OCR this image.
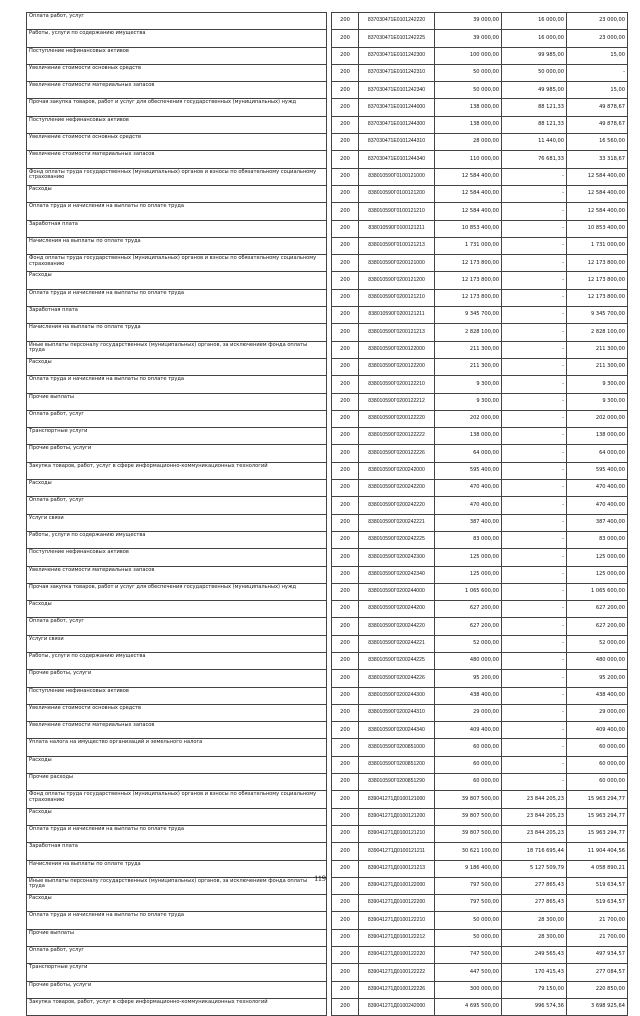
Оплата работ, услуг		200	837030471Е0101242220	39 000,00	16 000,00	23 000,00
Работы, услуги по содержанию имущества		200	837030471Е0101242225	39 000,00	16 000,00	23 000,00
Поступление нефинансовых активов		200	837030471Е0101242300	100 000,00	99 985,00	15,00
Увеличение стоимости основных средств		200	837030471Е0101242310	50 000,00	50 000,00	-
Увеличение стоимости материальных запасов		200	837030471Е0101242340	50 000,00	49 985,00	15,00
Прочая закупка товаров, работ и услуг для обеспечения государственных (муниципальных) нужд		200	837030471Е0101244000	138 000,00	88 121,33	49 878,67
Поступление нефинансовых активов		200	837030471Е0101244300	138 000,00	88 121,33	49 878,67
Увеличение стоимости основных средств		200	837030471Е0101244310	28 000,00	11 440,00	16 560,00
Увеличение стоимости материальных запасов		200	837030471Е0101244340	110 000,00	76 681,33	33 318,67
Фонд оплаты труда государственных (муниципальных) органов и взносы по обязательному социальному страхованию		200	838010590Г0100121000	12 584 400,00	-	12 584 400,00
Расходы		200	838010590Г0100121200	12 584 400,00	-	12 584 400,00
Оплата труда и начисления на выплаты по оплате труда		200	838010590Г0100121210	12 584 400,00	-	12 584 400,00
Заработная плата		200	838010590Г0100121211	10 853 400,00	-	10 853 400,00
Начисления на выплаты по оплате труда		200	838010590Г0100121213	1 731 000,00	-	1 731 000,00
Фонд оплаты труда государственных (муниципальных) органов и взносы по обязательному социальному страхованию		200	838010590Г0200121000	12 173 800,00	-	12 173 800,00
Расходы		200	838010590Г0200121200	12 173 800,00	-	12 173 800,00
Оплата труда и начисления на выплаты по оплате труда		200	838010590Г0200121210	12 173 800,00	-	12 173 800,00
Заработная плата		200	838010590Г0200121211	9 345 700,00	-	9 345 700,00
Начисления на выплаты по оплате труда		200	838010590Г0200121213	2 828 100,00	-	2 828 100,00
Иные выплаты персоналу государственных (муниципальных) органов, за исключением фонда оплаты труда		200	838010590Г0200122000	211 300,00	-	211 300,00
Расходы		200	838010590Г0200122200	211 300,00	-	211 300,00
Оплата труда и начисления на выплаты по оплате труда		200	838010590Г0200122210	9 300,00	-	9 300,00
Прочие выплаты		200	838010590Г0200122212	9 300,00	-	9 300,00
Оплата работ, услуг		200	838010590Г0200122220	202 000,00	-	202 000,00
Транспортные услуги		200	838010590Г0200122222	138 000,00	-	138 000,00
Прочие работы, услуги		200	838010590Г0200122226	64 000,00	-	64 000,00
Закупка товаров, работ, услуг в сфере информационно-коммуникационных технологий		200	838010590Г0200242000	595 400,00	-	595 400,00
Расходы		200	838010590Г0200242200	470 400,00	-	470 400,00
Оплата работ, услуг		200	838010590Г0200242220	470 400,00	-	470 400,00
Услуги связи		200	838010590Г0200242221	387 400,00	-	387 400,00
Работы, услуги по содержанию имущества		200	838010590Г0200242225	83 000,00	-	83 000,00
Поступление нефинансовых активов		200	838010590Г0200242300	125 000,00	-	125 000,00
Увеличение стоимости материальных запасов		200	838010590Г0200242340	125 000,00	-	125 000,00
Прочая закупка товаров, работ и услуг для обеспечения государственных (муниципальных) нужд		200	838010590Г0200244000	1 065 600,00	-	1 065 600,00
Расходы		200	838010590Г0200244200	627 200,00	-	627 200,00
Оплата работ, услуг		200	838010590Г0200244220	627 200,00	-	627 200,00
Услуги связи		200	838010590Г0200244221	52 000,00	-	52 000,00
Работы, услуги по содержанию имущества		200	838010590Г0200244225	480 000,00	-	480 000,00
Прочие работы, услуги		200	838010590Г0200244226	95 200,00	-	95 200,00
Поступление нефинансовых активов		200	838010590Г0200244300	438 400,00	-	438 400,00
Увеличение стоимости основных средств		200	838010590Г0200244310	29 000,00	-	29 000,00
Увеличение стоимости материальных запасов		200	838010590Г0200244340	409 400,00	-	409 400,00
Уплата налога на имущество организаций и земельного налога		200	838010590Г0200851000	60 000,00	-	60 000,00
Расходы		200	838010590Г0200851200	60 000,00	-	60 000,00
Прочие расходы		200	838010590Г0200851290	60 000,00	-	60 000,00
Фонд оплаты труда государственных (муниципальных) органов и взносы по обязательному социальному страхованию		200	839041271Д0100121000	39 807 500,00	23 844 205,23	15 963 294,77
Расходы		200	839041271Д0100121200	39 807 500,00	23 844 205,23	15 963 294,77
Оплата труда и начисления на выплаты по оплате труда		200	839041271Д0100121210	39 807 500,00	23 844 205,23	15 963 294,77
Заработная плата		200	839041271Д0100121211	30 621 100,00	18 716 695,44	11 904 404,56
Начисления на выплаты по оплате труда		200	839041271Д0100121213	9 186 400,00	5 127 509,79	4 058 890,21
Иные выплаты персоналу государственных (муниципальных) органов, за исключением фонда оплаты труда		200	839041271Д0100122000	797 500,00	277 865,43	519 634,57
Расходы		200	839041271Д0100122200	797 500,00	277 865,43	519 634,57
Оплата труда и начисления на выплаты по оплате труда		200	839041271Д0100122210	50 000,00	28 300,00	21 700,00
Прочие выплаты		200	839041271Д0100122212	50 000,00	28 300,00	21 700,00
Оплата работ, услуг		200	839041271Д0100122220	747 500,00	249 565,43	497 934,57
Транспортные услуги		200	839041271Д0100122222	447 500,00	170 415,43	277 084,57
Прочие работы, услуги		200	839041271Д0100122226	300 000,00	79 150,00	220 850,00
Закупка товаров, работ, услуг в сфере информационно-коммуникационных технологий		200	839041271Д0100242000	4 695 500,00	996 574,36	3 698 925,64
119
